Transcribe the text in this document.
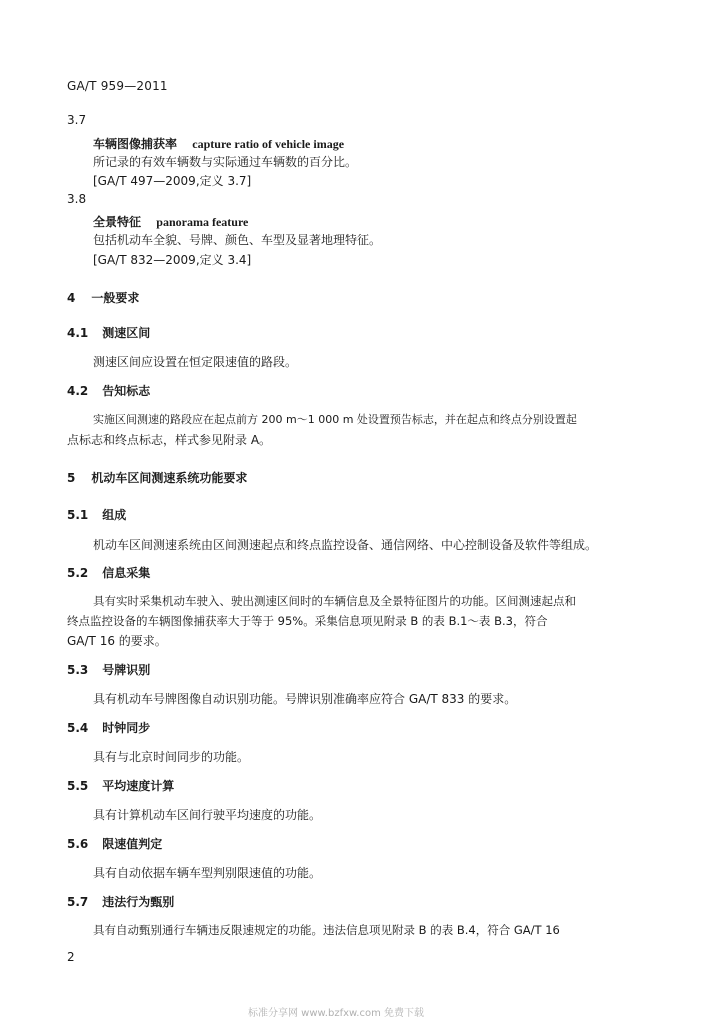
GA/T 959—2011
3.7
车辆图像捕获率 capture ratio of vehicle image
所记录的有效车辆数与实际通过车辆数的百分比。
[GA/T 497—2009,定义 3.7]
3.8
全景特征 panorama feature
包括机动车全貌、号牌、颜色、车型及显著地理特征。
[GA/T 832—2009,定义 3.4]
4 一般要求
4.1 测速区间
测速区间应设置在恒定限速值的路段。
4.2 告知标志
实施区间测速的路段应在起点前方 200 m～1 000 m 处设置预告标志，并在起点和终点分别设置起
点标志和终点标志，样式参见附录 A。
5 机动车区间测速系统功能要求
5.1 组成
机动车区间测速系统由区间测速起点和终点监控设备、通信网络、中心控制设备及软件等组成。
5.2 信息采集
具有实时采集机动车驶入、驶出测速区间时的车辆信息及全景特征图片的功能。区间测速起点和
终点监控设备的车辆图像捕获率大于等于 95%。采集信息项见附录 B 的表 B.1～表 B.3，符合
GA/T 16 的要求。
5.3 号牌识别
具有机动车号牌图像自动识别功能。号牌识别准确率应符合 GA/T 833 的要求。
5.4 时钟同步
具有与北京时间同步的功能。
5.5 平均速度计算
具有计算机动车区间行驶平均速度的功能。
5.6 限速值判定
具有自动依据车辆车型判别限速值的功能。
5.7 违法行为甄别
具有自动甄别通行车辆违反限速规定的功能。违法信息项见附录 B 的表 B.4，符合 GA/T 16
2
标准分享网 www.bzfxw.com 免费下载
